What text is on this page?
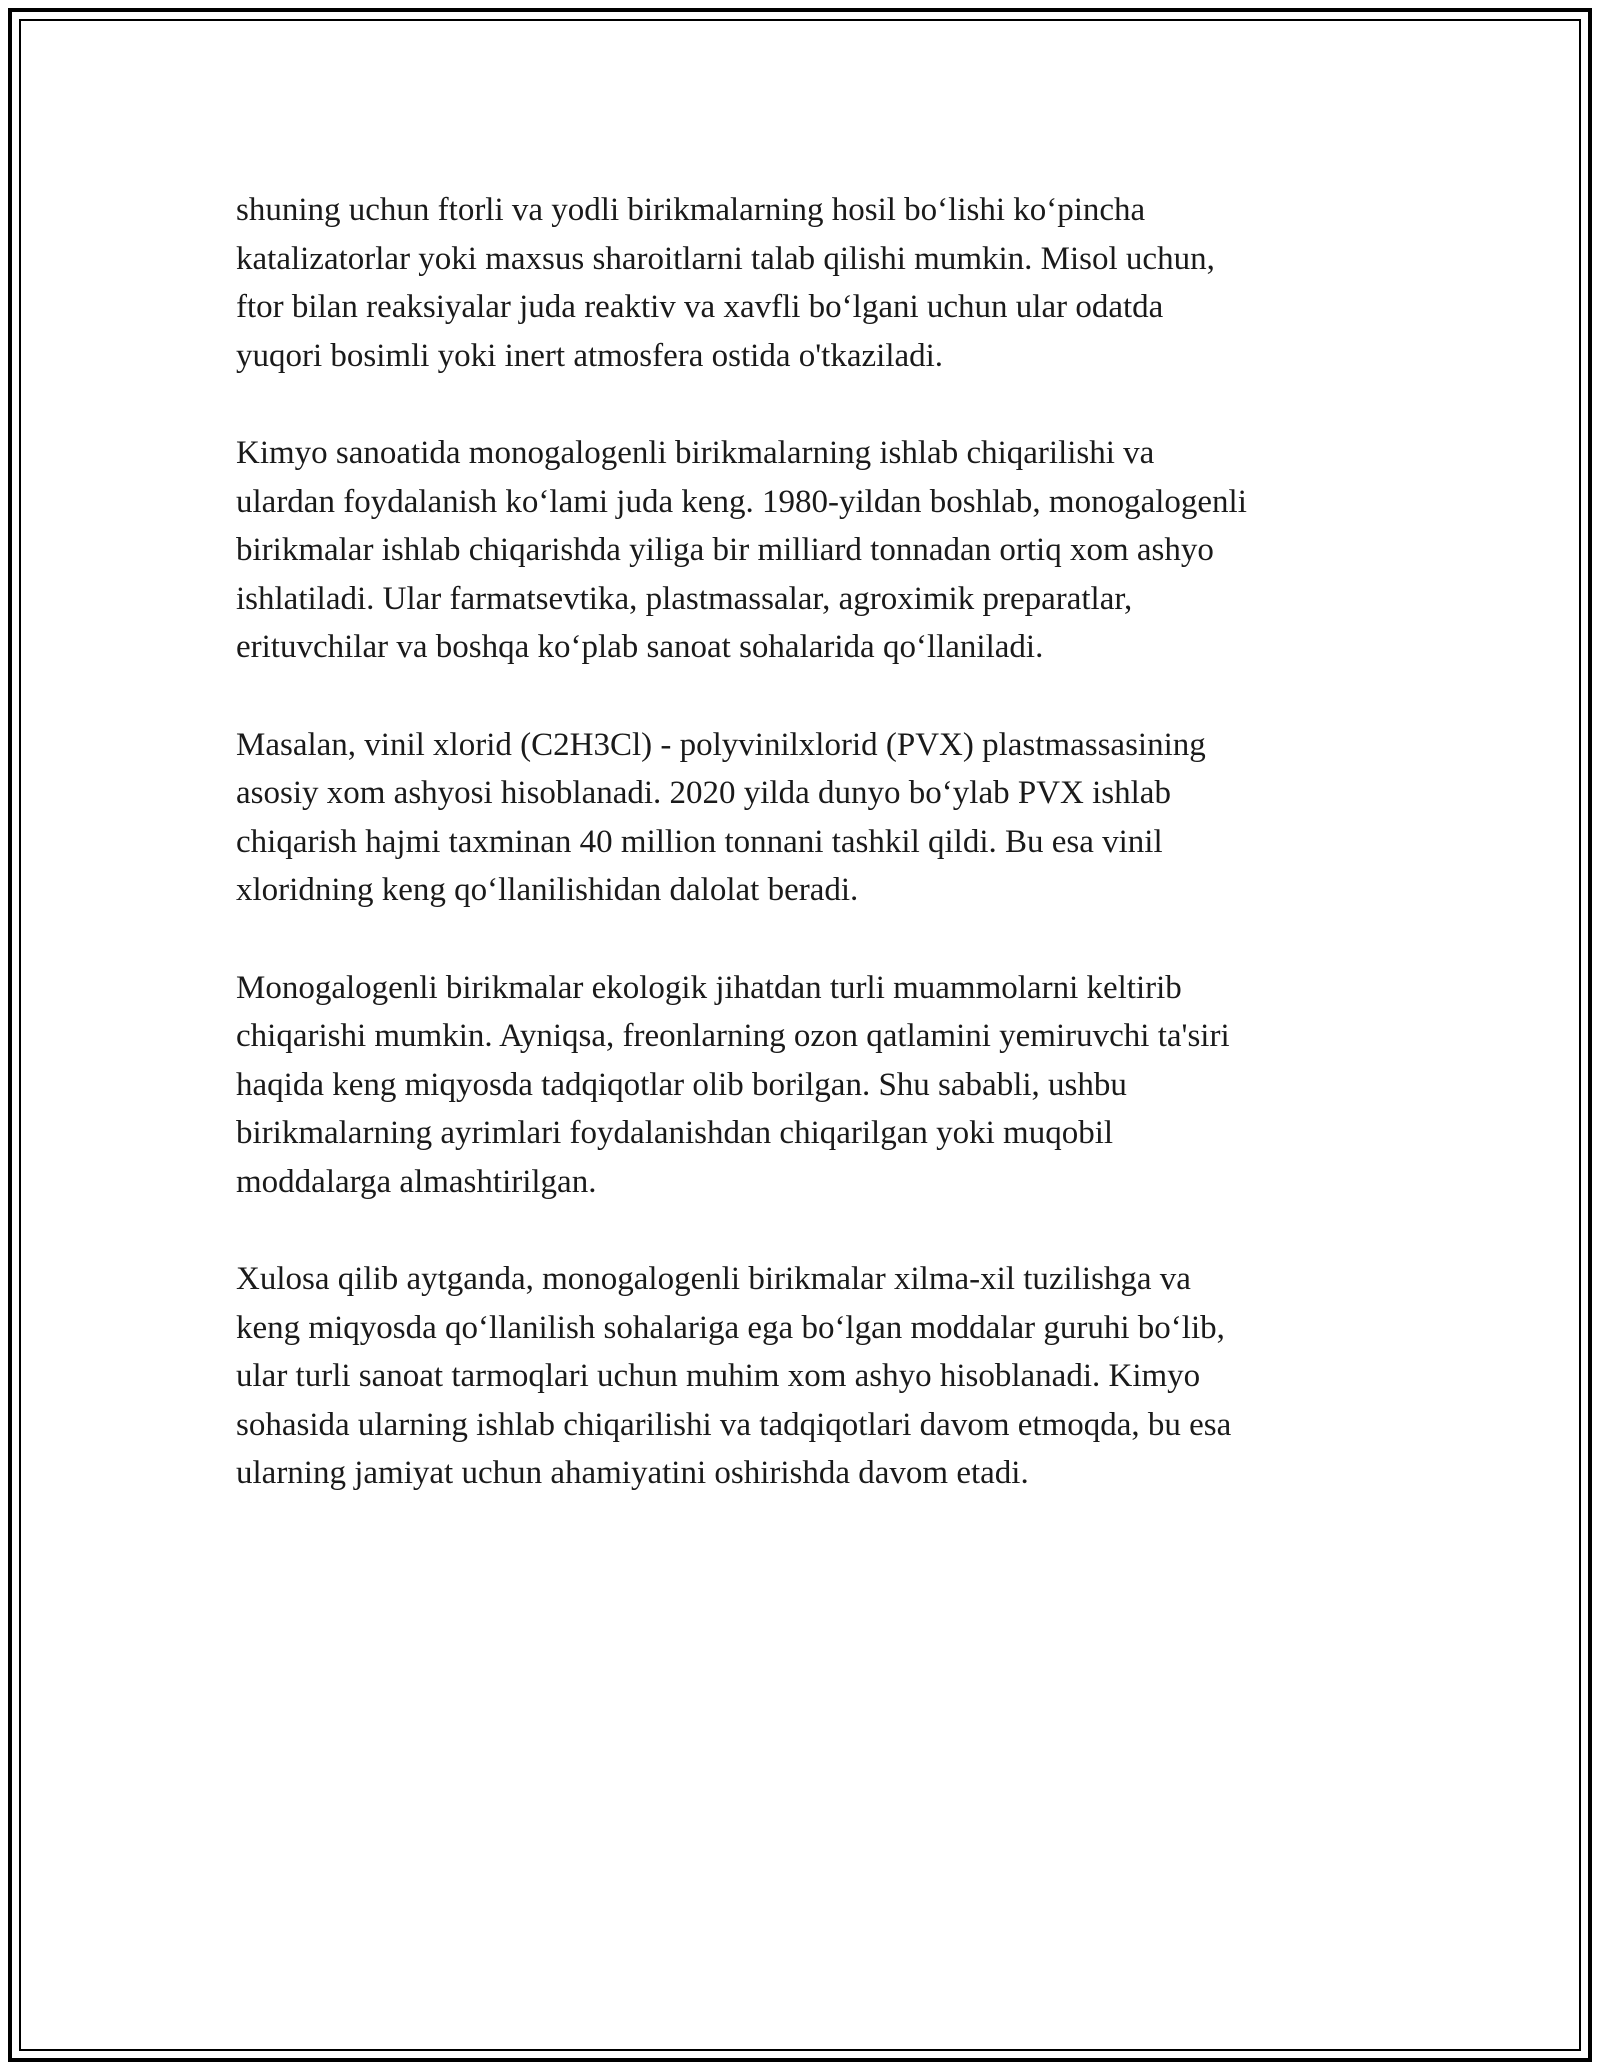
shuning uchun ftorli va yodli birikmalarning hosil bo‘lishi ko‘pincha
katalizatorlar yoki maxsus sharoitlarni talab qilishi mumkin. Misol uchun,
ftor bilan reaksiyalar juda reaktiv va xavfli bo‘lgani uchun ular odatda
yuqori bosimli yoki inert atmosfera ostida o'tkaziladi.

Kimyo sanoatida monogalogenli birikmalarning ishlab chiqarilishi va
ulardan foydalanish ko‘lami juda keng. 1980-yildan boshlab, monogalogenli
birikmalar ishlab chiqarishda yiliga bir milliard tonnadan ortiq xom ashyo
ishlatiladi. Ular farmatsevtika, plastmassalar, agroximik preparatlar,
erituvchilar va boshqa ko‘plab sanoat sohalarida qo‘llaniladi.

Masalan, vinil xlorid (C2H3Cl) - polyvinilxlorid (PVX) plastmassasining
asosiy xom ashyosi hisoblanadi. 2020 yilda dunyo bo‘ylab PVX ishlab
chiqarish hajmi taxminan 40 million tonnani tashkil qildi. Bu esa vinil
xloridning keng qo‘llanilishidan dalolat beradi.

Monogalogenli birikmalar ekologik jihatdan turli muammolarni keltirib
chiqarishi mumkin. Ayniqsa, freonlarning ozon qatlamini yemiruvchi ta'siri
haqida keng miqyosda tadqiqotlar olib borilgan. Shu sababli, ushbu
birikmalarning ayrimlari foydalanishdan chiqarilgan yoki muqobil
moddalarga almashtirilgan.

Xulosa qilib aytganda, monogalogenli birikmalar xilma-xil tuzilishga va
keng miqyosda qo‘llanilish sohalariga ega bo‘lgan moddalar guruhi bo‘lib,
ular turli sanoat tarmoqlari uchun muhim xom ashyo hisoblanadi. Kimyo
sohasida ularning ishlab chiqarilishi va tadqiqotlari davom etmoqda, bu esa
ularning jamiyat uchun ahamiyatini oshirishda davom etadi.
